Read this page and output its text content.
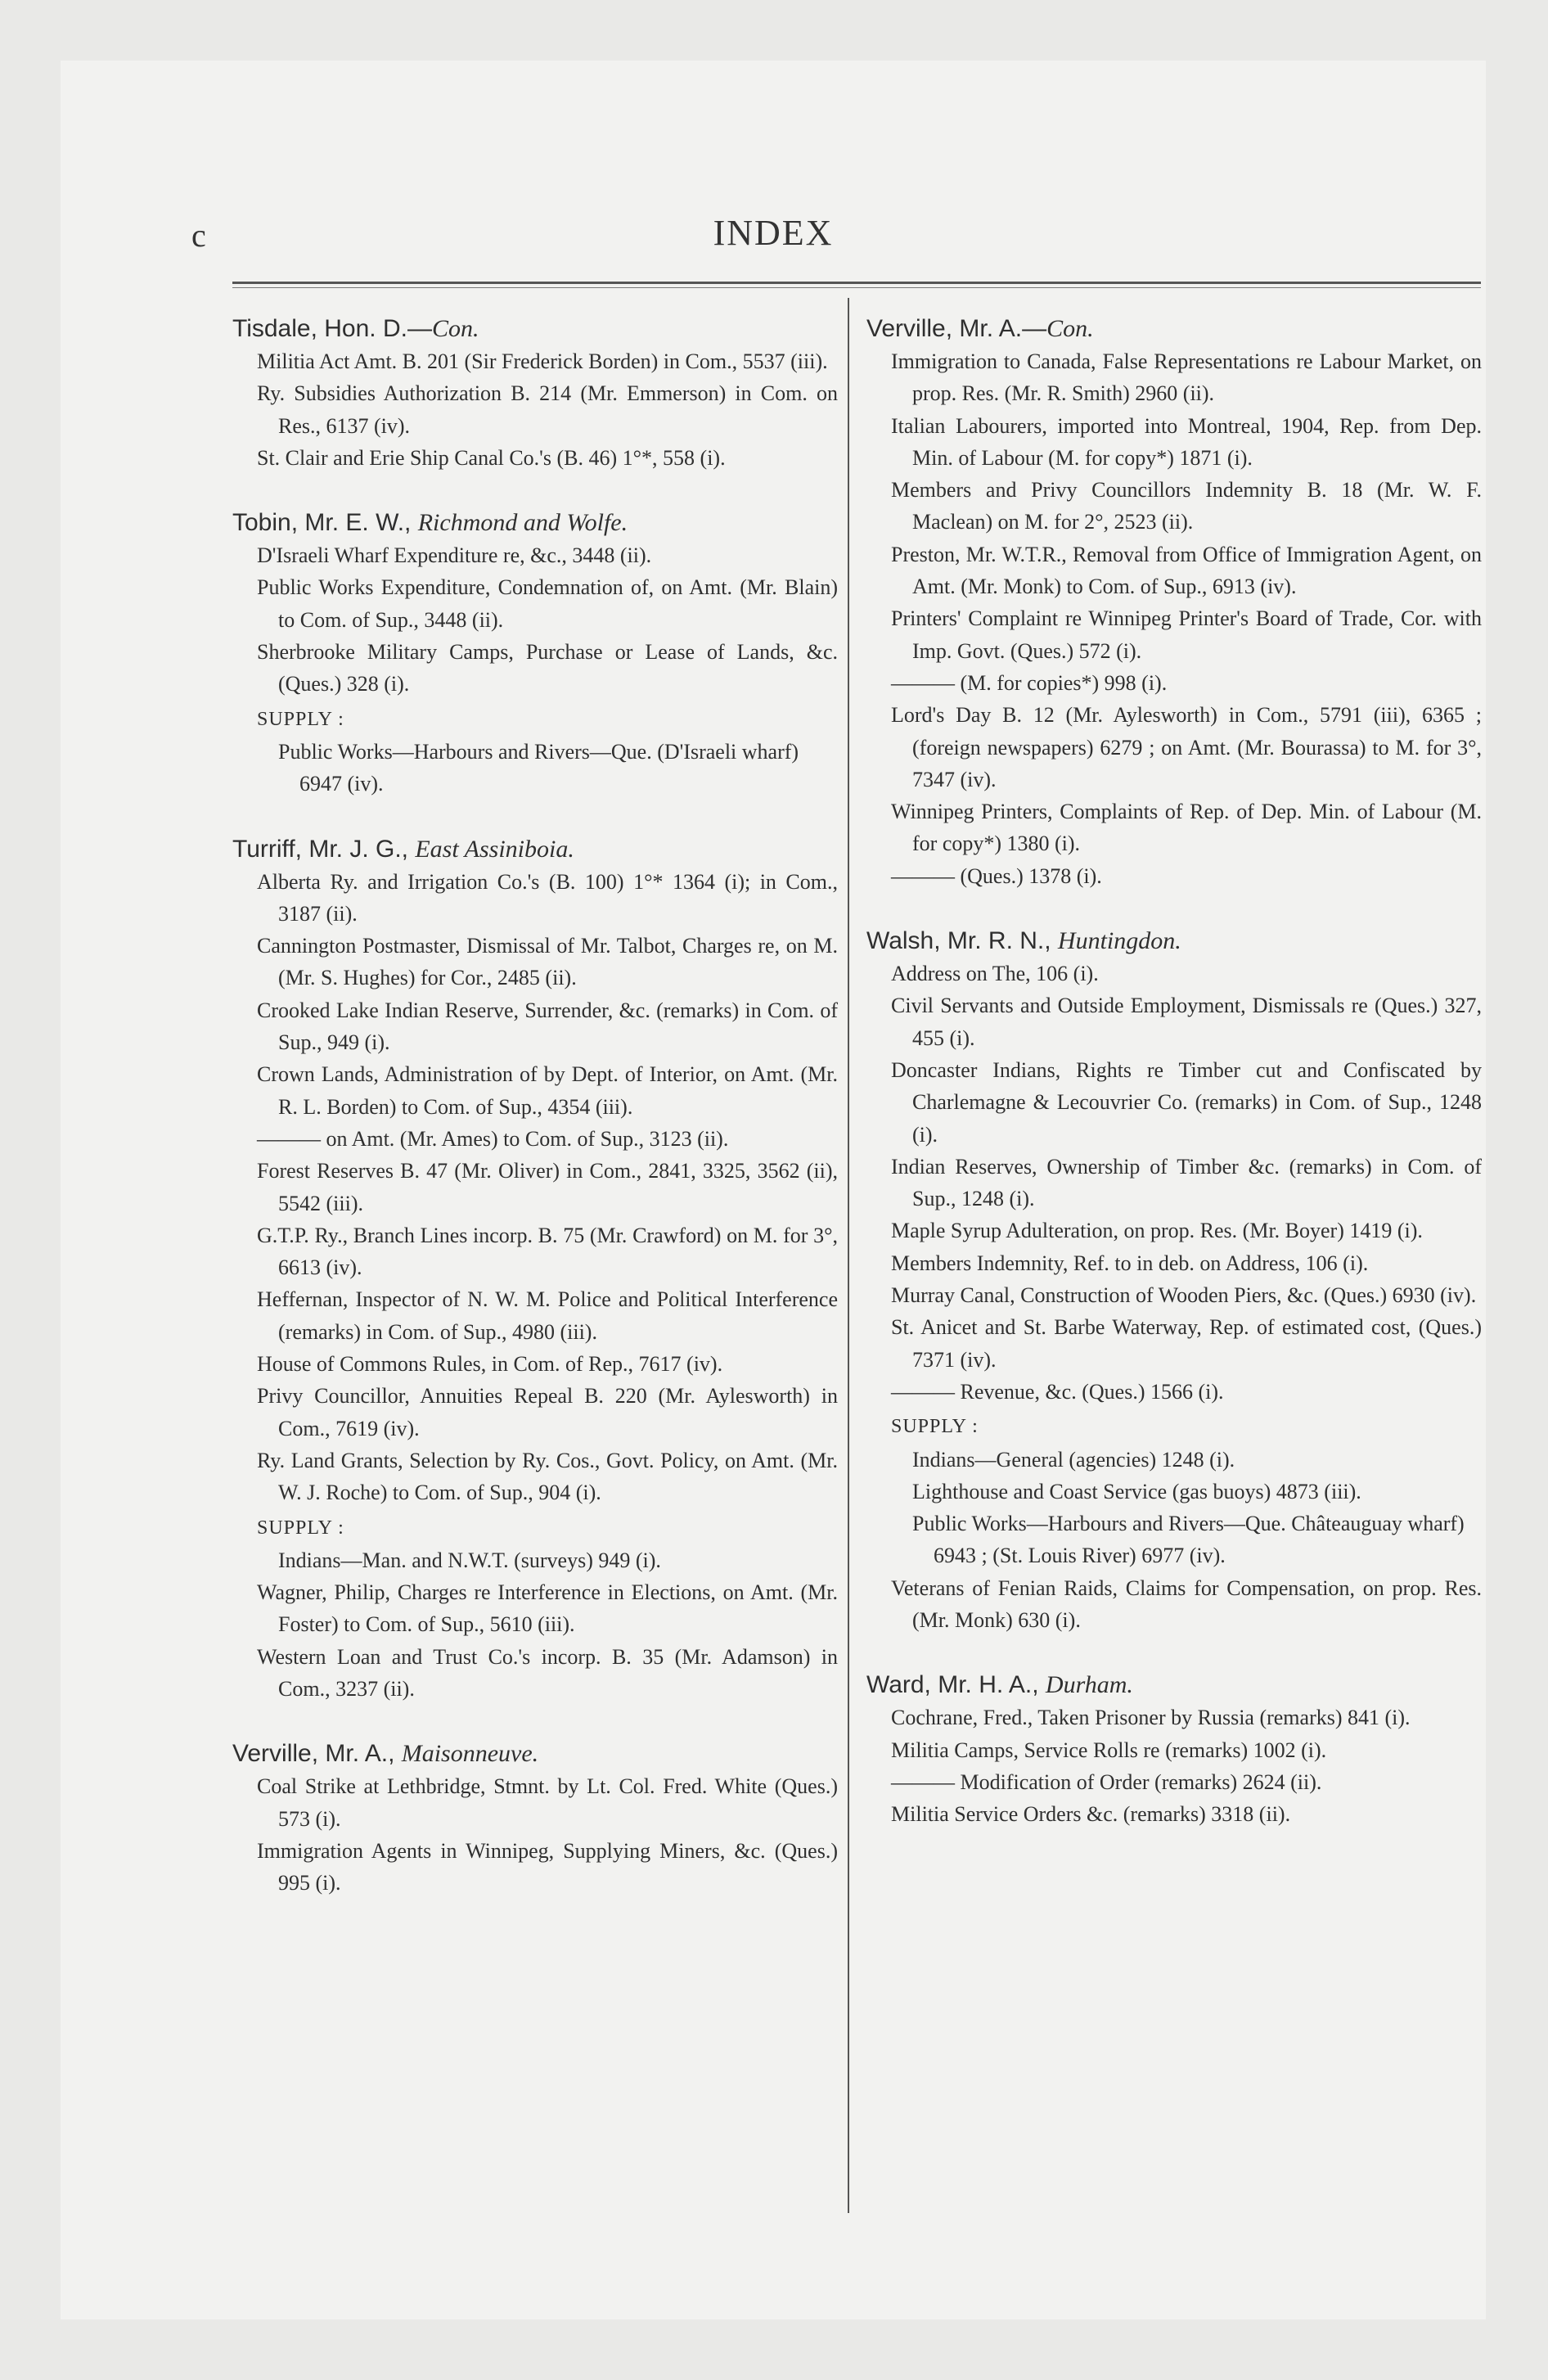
c	INDEX
Tisdale, Hon. D.—Con.

Militia Act Amt. B. 201 (Sir Frederick Borden) in Com., 5537 (iii).

Ry. Subsidies Authorization B. 214 (Mr. Emmerson) in Com. on Res., 6137 (iv).

St. Clair and Erie Ship Canal Co.'s (B. 46) 1°*, 558 (i).

Tobin, Mr. E. W., Richmond and Wolfe.

D'Israeli Wharf Expenditure re, &c., 3448 (ii).

Public Works Expenditure, Condemnation of, on Amt. (Mr. Blain) to Com. of Sup., 3448 (ii).

Sherbrooke Military Camps, Purchase or Lease of Lands, &c. (Ques.) 328 (i).

SUPPLY :

Public Works—Harbours and Rivers—Que. (D'Israeli wharf) 6947 (iv).

Turriff, Mr. J. G., East Assiniboia.

Alberta Ry. and Irrigation Co.'s (B. 100) 1°* 1364 (i); in Com., 3187 (ii).

Cannington Postmaster, Dismissal of Mr. Talbot, Charges re, on M. (Mr. S. Hughes) for Cor., 2485 (ii).

Crooked Lake Indian Reserve, Surrender, &c. (remarks) in Com. of Sup., 949 (i).

Crown Lands, Administration of by Dept. of Interior, on Amt. (Mr. R. L. Borden) to Com. of Sup., 4354 (iii).

——— on Amt. (Mr. Ames) to Com. of Sup., 3123 (ii).

Forest Reserves B. 47 (Mr. Oliver) in Com., 2841, 3325, 3562 (ii), 5542 (iii).

G.T.P. Ry., Branch Lines incorp. B. 75 (Mr. Crawford) on M. for 3°, 6613 (iv).

Heffernan, Inspector of N. W. M. Police and Political Interference (remarks) in Com. of Sup., 4980 (iii).

House of Commons Rules, in Com. of Rep., 7617 (iv).

Privy Councillor, Annuities Repeal B. 220 (Mr. Aylesworth) in Com., 7619 (iv).

Ry. Land Grants, Selection by Ry. Cos., Govt. Policy, on Amt. (Mr. W. J. Roche) to Com. of Sup., 904 (i).

SUPPLY :

Indians—Man. and N.W.T. (surveys) 949 (i).

Wagner, Philip, Charges re Interference in Elections, on Amt. (Mr. Foster) to Com. of Sup., 5610 (iii).

Western Loan and Trust Co.'s incorp. B. 35 (Mr. Adamson) in Com., 3237 (ii).

Verville, Mr. A., Maisonneuve.

Coal Strike at Lethbridge, Stmnt. by Lt. Col. Fred. White (Ques.) 573 (i).

Immigration Agents in Winnipeg, Supplying Miners, &c. (Ques.) 995 (i).

Verville, Mr. A.—Con.

Immigration to Canada, False Representations re Labour Market, on prop. Res. (Mr. R. Smith) 2960 (ii).

Italian Labourers, imported into Montreal, 1904, Rep. from Dep. Min. of Labour (M. for copy*) 1871 (i).

Members and Privy Councillors Indemnity B. 18 (Mr. W. F. Maclean) on M. for 2°, 2523 (ii).

Preston, Mr. W.T.R., Removal from Office of Immigration Agent, on Amt. (Mr. Monk) to Com. of Sup., 6913 (iv).

Printers' Complaint re Winnipeg Printer's Board of Trade, Cor. with Imp. Govt. (Ques.) 572 (i).

——— (M. for copies*) 998 (i).

Lord's Day B. 12 (Mr. Aylesworth) in Com., 5791 (iii), 6365 ; (foreign newspapers) 6279 ; on Amt. (Mr. Bourassa) to M. for 3°, 7347 (iv).

Winnipeg Printers, Complaints of Rep. of Dep. Min. of Labour (M. for copy*) 1380 (i).

——— (Ques.) 1378 (i).

Walsh, Mr. R. N., Huntingdon.

Address on The, 106 (i).

Civil Servants and Outside Employment, Dismissals re (Ques.) 327, 455 (i).

Doncaster Indians, Rights re Timber cut and Confiscated by Charlemagne & Lecouvrier Co. (remarks) in Com. of Sup., 1248 (i).

Indian Reserves, Ownership of Timber &c. (remarks) in Com. of Sup., 1248 (i).

Maple Syrup Adulteration, on prop. Res. (Mr. Boyer) 1419 (i).

Members Indemnity, Ref. to in deb. on Address, 106 (i).

Murray Canal, Construction of Wooden Piers, &c. (Ques.) 6930 (iv).

St. Anicet and St. Barbe Waterway, Rep. of estimated cost, (Ques.) 7371 (iv).

——— Revenue, &c. (Ques.) 1566 (i).

SUPPLY :

Indians—General (agencies) 1248 (i).

Lighthouse and Coast Service (gas buoys) 4873 (iii).

Public Works—Harbours and Rivers—Que. Châteauguay wharf) 6943 ; (St. Louis River) 6977 (iv).

Veterans of Fenian Raids, Claims for Compensation, on prop. Res. (Mr. Monk) 630 (i).

Ward, Mr. H. A., Durham.

Cochrane, Fred., Taken Prisoner by Russia (remarks) 841 (i).

Militia Camps, Service Rolls re (remarks) 1002 (i).

——— Modification of Order (remarks) 2624 (ii).

Militia Service Orders &c. (remarks) 3318 (ii).
